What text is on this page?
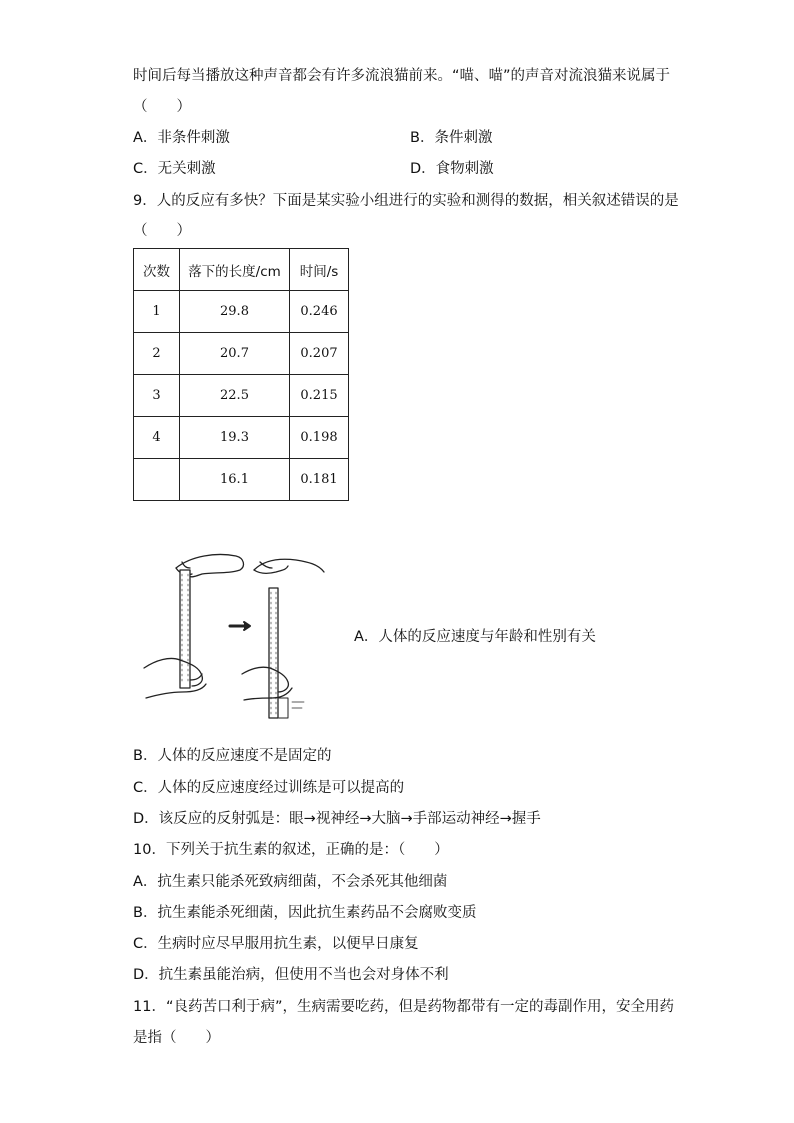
时间后每当播放这种声音都会有许多流浪猫前来。“喵、喵”的声音对流浪猫来说属于
（　　）
A．非条件刺激	B．条件刺激
C．无关刺激	D．食物刺激
9．人的反应有多快？下面是某实验小组进行的实验和测得的数据，相关叙述错误的是
（　　）
次数	落下的长度/cm	时间/s
1	29.8	0.246
2	20.7	0.207
3	22.5	0.215
4	19.3	0.198
	16.1	0.181
A．人体的反应速度与年龄和性别有关
B．人体的反应速度不是固定的
C．人体的反应速度经过训练是可以提高的
D．该反应的反射弧是：眼→视神经→大脑→手部运动神经→握手
10．下列关于抗生素的叙述，正确的是：（　　）
A．抗生素只能杀死致病细菌，不会杀死其他细菌
B．抗生素能杀死细菌，因此抗生素药品不会腐败变质
C．生病时应尽早服用抗生素，以便早日康复
D．抗生素虽能治病，但使用不当也会对身体不利
11．“良药苦口利于病”，生病需要吃药，但是药物都带有一定的毒副作用，安全用药
是指（　　）
